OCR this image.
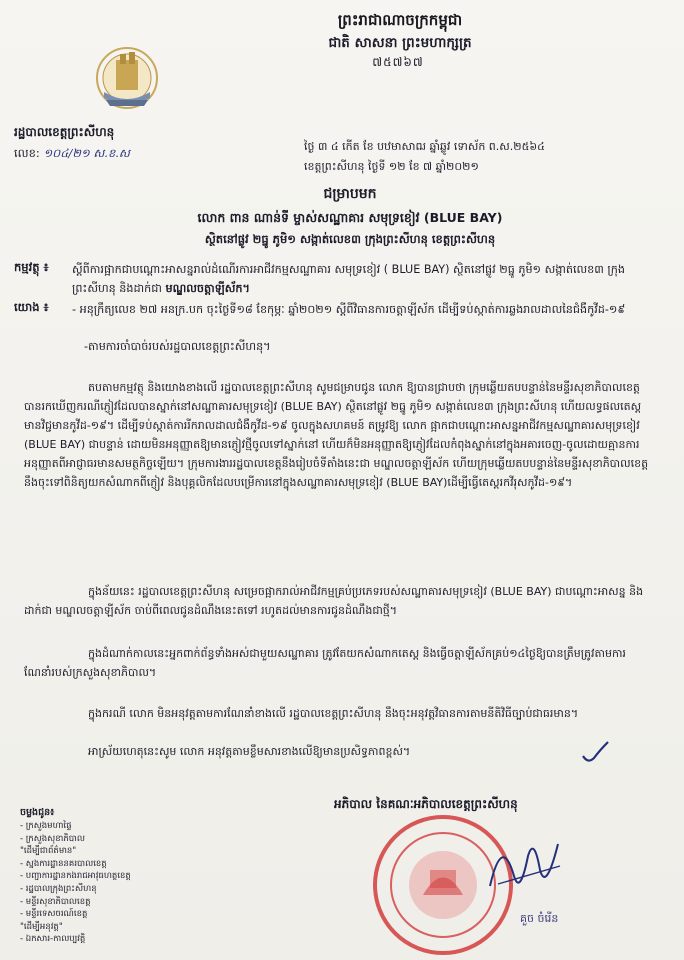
ព្រះរាជាណាចក្រកម្ពុជា
ជាតិ សាសនា ព្រះមហាក្សត្រ
៧៥៧៦៧
រដ្ឋបាលខេត្តព្រះសីហនុ
លេខ: ១០៤/២១ ស.ខ.ស	ថ្ងៃ ៣ ៤ កើត ខែ បឋមាសាឍ ឆ្នាំឆ្លូវ ទោស័ក ព.ស.២៥៦៤
ខេត្តព្រះសីហនុ ថ្ងៃទី ១២ ខែ ៧ ឆ្នាំ២០២១
ជម្រាបមក
លោក ពាន ណាន់ទី ម្ចាស់សណ្ឋាគារ សមុទ្រខៀវ (BLUE BAY)
ស្ថិតនៅផ្លូវ ២ធ្នូ ភូមិ១ សង្កាត់លេខ៣ ក្រុងព្រះសីហនុ ខេត្តព្រះសីហនុ
កម្មវត្ថុ ៖ ស្ដីពីការផ្អាកជាបណ្ដោះអាសន្នរាល់ដំណើរការអាជីវកម្មសណ្ឋាគារ សមុទ្រខៀវ ( BLUE BAY) ស្ថិតនៅផ្លូវ ២ធ្នូ ភូមិ១ សង្កាត់លេខ៣ ក្រុងព្រះសីហនុ និងដាក់ជា មណ្ឌលចត្តាឡីស័ក។
យោង ៖ - អនុក្រឹត្យលេខ ២៧ អនក្រ.បក ចុះថ្ងៃទី១៨ ខែកុម្ភៈ ឆ្នាំ២០២១ ស្ដីពីវិធានការចត្តាឡីស័ក ដើម្បីទប់ស្កាត់ការឆ្លងរាលដាលនៃជំងឺកូវីដ-១៩
-តាមការចាំបាច់របស់រដ្ឋបាលខេត្តព្រះសីហនុ។
តបតាមកម្មវត្ថុ និងយោងខាងលើ រដ្ឋបាលខេត្តព្រះសីហនុ សូមជម្រាបជូន លោក ឱ្យបានជ្រាបថា ក្រុមឆ្លើយតបបន្ទាន់នៃមន្ទីរសុខាភិបាលខេត្តបានរកឃើញករណីភ្ញៀវដែលបានស្នាក់នៅសណ្ឋាគារសមុទ្រខៀវ (BLUE BAY) ស្ថិតនៅផ្លូវ ២ធ្នូ ភូមិ១ សង្កាត់លេខ៣ ក្រុងព្រះសីហនុ ហើយលទ្ធផលតេស្តមានវិជ្ជមានកូវីដ-១៩។ ដើម្បីទប់ស្កាត់ការរីករាលដាលជំងឺកូវីដ-១៩ ចូលក្នុងសហគមន៍ តម្រូវឱ្យ លោក ផ្អាកជាបណ្ដោះអាសន្នអាជីវកម្មសណ្ឋាគារសមុទ្រខៀវ (BLUE BAY) ជាបន្ទាន់ ដោយមិនអនុញ្ញាតឱ្យមានភ្ញៀវថ្មីចូលទៅស្នាក់នៅ ហើយក៏មិនអនុញ្ញាតឱ្យភ្ញៀវដែលកំពុងស្នាក់នៅក្នុងអគារចេញ-ចូលដោយគ្មានការអនុញ្ញាតពីអាជ្ញាធរមានសមត្ថកិច្ចឡើយ។ ក្រុមការងាររដ្ឋបាលខេត្តនឹងរៀបចំទីតាំងនេះជា មណ្ឌលចត្តាឡីស័ក ហើយក្រុមឆ្លើយតបបន្ទាន់នៃមន្ទីរសុខាភិបាលខេត្ត នឹងចុះទៅពិនិត្យយកសំណាកពីភ្ញៀវ និងបុគ្គលិកដែលបម្រើការនៅក្នុងសណ្ឋាគារសមុទ្រខៀវ (BLUE BAY)ដើម្បីធ្វើតេស្តរកវីរុសកូវីដ-១៩។
ក្នុងន័យនេះ រដ្ឋបាលខេត្តព្រះសីហនុ សម្រេចផ្អាករាល់អាជីវកម្មគ្រប់ប្រភេទរបស់សណ្ឋាគារសមុទ្រខៀវ (BLUE BAY) ជាបណ្ដោះអាសន្ន និងដាក់ជា មណ្ឌលចត្តាឡីស័ក ចាប់ពីពេលជូនដំណឹងនេះតទៅ រហូតដល់មានការជូនដំណឹងជាថ្មី។
ក្នុងដំណាក់កាលនេះអ្នកពាក់ព័ន្ធទាំងអស់ជាមួយសណ្ឋាគារ ត្រូវតែយកសំណាកតេស្ត និងធ្វើចត្តាឡីស័កគ្រប់១៤ថ្ងៃឱ្យបានត្រឹមត្រូវតាមការណែនាំរបស់ក្រសួងសុខាភិបាល។
ក្នុងករណី លោក មិនអនុវត្តតាមការណែនាំខាងលើ រដ្ឋបាលខេត្តព្រះសីហនុ នឹងចុះអនុវត្តវិធានការតាមនីតិវិធីច្បាប់ជាធរមាន។
អាស្រ័យហេតុនេះសូម លោក អនុវត្តតាមខ្លឹមសារខាងលើឱ្យមានប្រសិទ្ធភាពខ្ពស់។
អភិបាល នៃគណៈអភិបាលខេត្តព្រះសីហនុ
គួច ចំរើន
ចម្លងជូន៖
- ក្រសួងមហាផ្ទៃ
- ក្រសួងសុខាភិបាល
"ដើម្បីជាព័ត៌មាន"
- ស្នងការដ្ឋាននគរបាលខេត្ត
- បញ្ជាការដ្ឋានកងរាជអាវុធហត្ថខេត្ត
- រដ្ឋបាលក្រុងព្រះសីហនុ
- មន្ទីរសុខាភិបាលខេត្ត
- មន្ទីរទេសចរណ៍ខេត្ត
"ដើម្បីអនុវត្ត"
- ឯកសារ-កាលប្បវត្តិ
